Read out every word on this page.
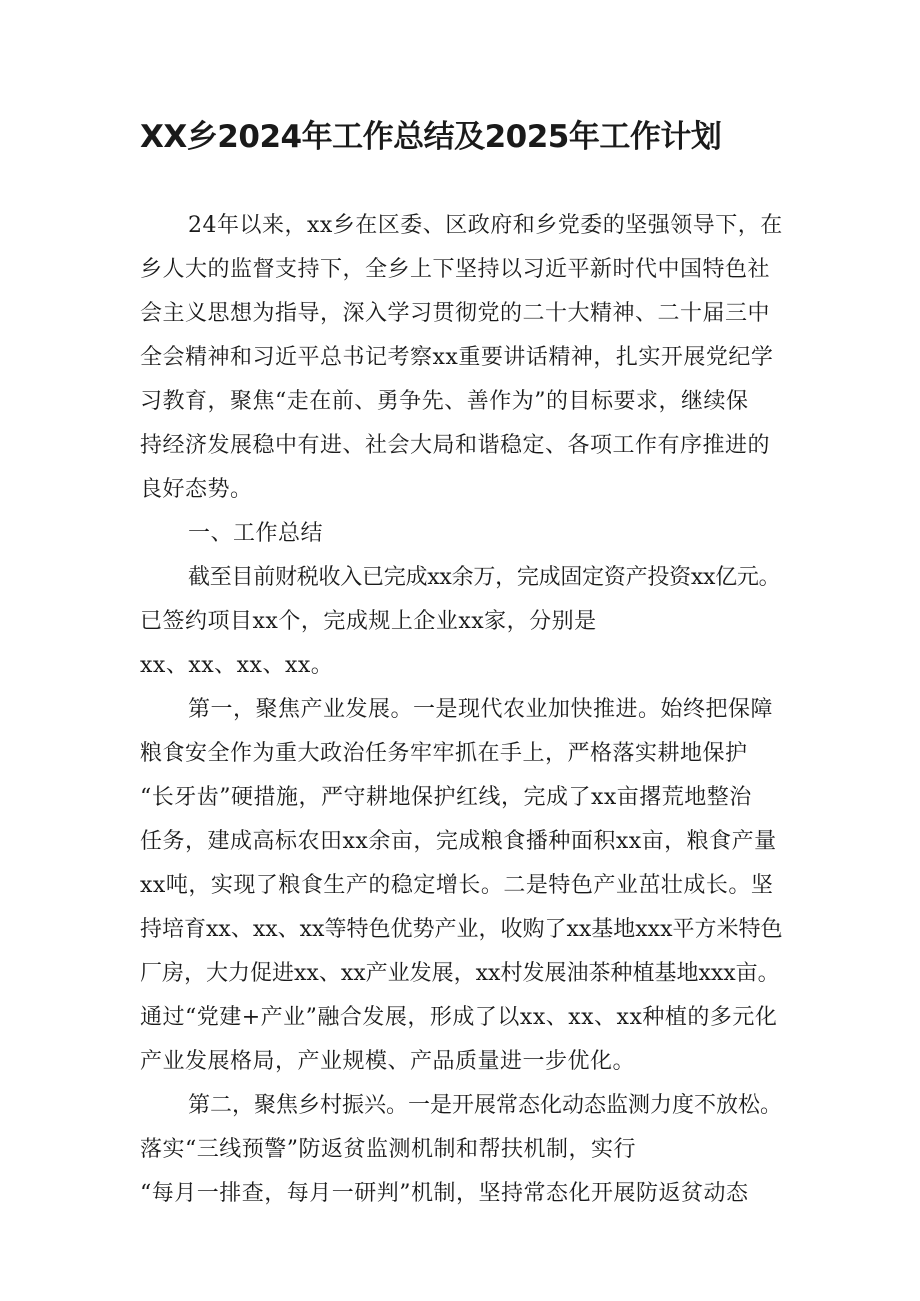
XX乡2024年工作总结及2025年工作计划
24年以来，xx乡在区委、区政府和乡党委的坚强领导下，在
乡人大的监督支持下，全乡上下坚持以习近平新时代中国特色社
会主义思想为指导，深入学习贯彻党的二十大精神、二十届三中
全会精神和习近平总书记考察xx重要讲话精神，扎实开展党纪学
习教育，聚焦“走在前、勇争先、善作为”的目标要求，继续保
持经济发展稳中有进、社会大局和谐稳定、各项工作有序推进的
良好态势。
一、工作总结
截至目前财税收入已完成xx余万，完成固定资产投资xx亿元。
已签约项目xx个，完成规上企业xx家，分别是
xx、xx、xx、xx。
第一，聚焦产业发展。一是现代农业加快推进。始终把保障
粮食安全作为重大政治任务牢牢抓在手上，严格落实耕地保护
“长牙齿”硬措施，严守耕地保护红线，完成了xx亩撂荒地整治
任务，建成高标农田xx余亩，完成粮食播种面积xx亩，粮食产量
xx吨，实现了粮食生产的稳定增长。二是特色产业茁壮成长。坚
持培育xx、xx、xx等特色优势产业，收购了xx基地xxx平方米特色
厂房，大力促进xx、xx产业发展，xx村发展油茶种植基地xxx亩。
通过“党建+产业”融合发展，形成了以xx、xx、xx种植的多元化
产业发展格局，产业规模、产品质量进一步优化。
第二，聚焦乡村振兴。一是开展常态化动态监测力度不放松。
落实“三线预警”防返贫监测机制和帮扶机制，实行
“每月一排查，每月一研判”机制，坚持常态化开展防返贫动态
